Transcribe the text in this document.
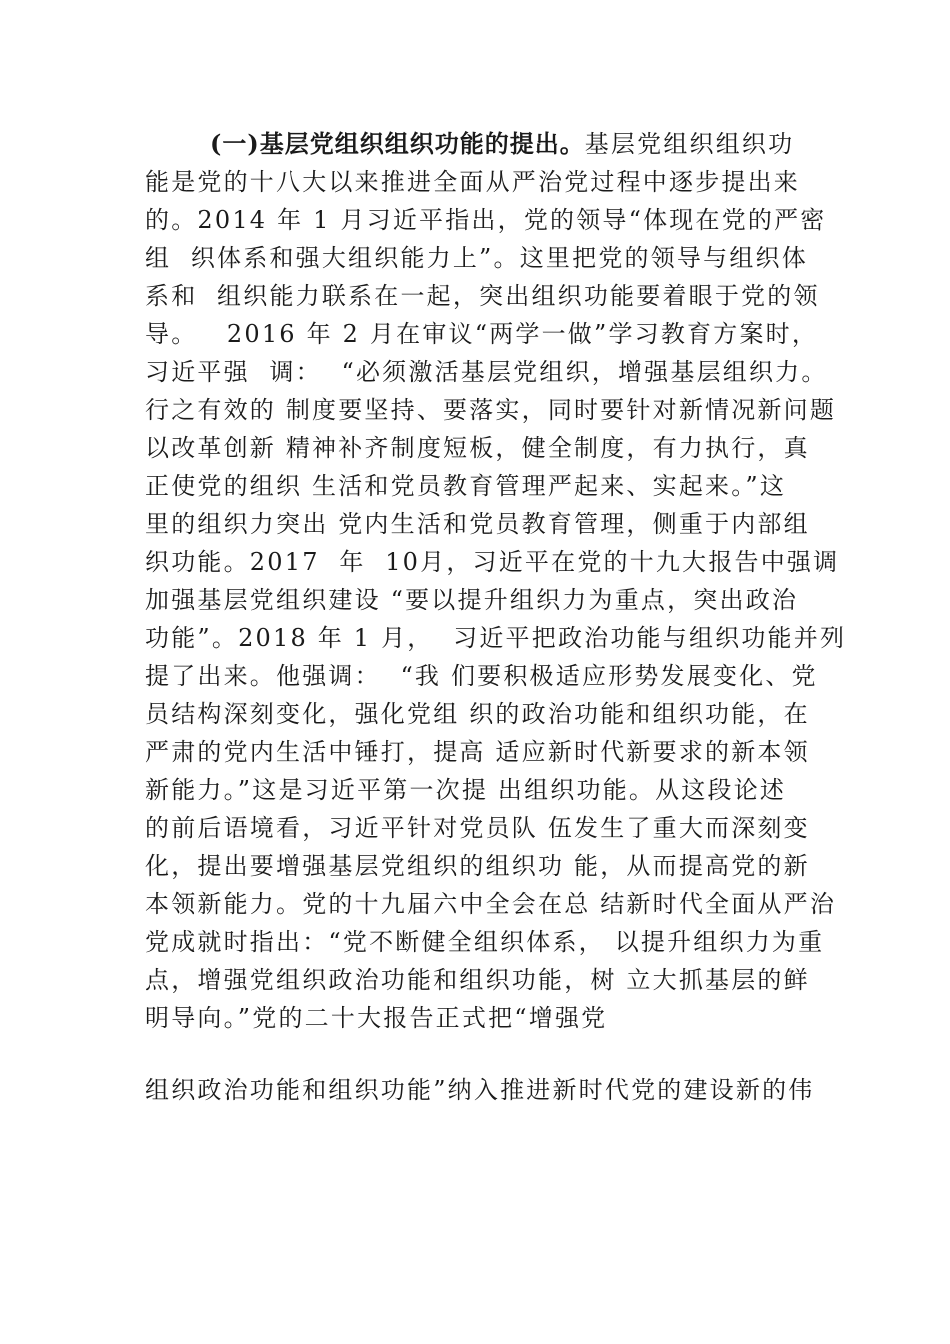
(一)基层党组织组织功能的提出。基层党组织组织功
能是党的十八大以来推进全面从严治党过程中逐步提出来
的。2014 年 1 月习近平指出，党的领导“体现在党的严密
组  织体系和强大组织能力上”。这里把党的领导与组织体
系和  组织能力联系在一起，突出组织功能要着眼于党的领
导。   2016 年 2 月在审议“两学一做”学习教育方案时，
习近平强  调：  “必须激活基层党组织，增强基层组织力。
行之有效的 制度要坚持、要落实，同时要针对新情况新问题
以改革创新 精神补齐制度短板，健全制度，有力执行，真
正使党的组织 生活和党员教育管理严起来、实起来。”这
里的组织力突出 党内生活和党员教育管理，侧重于内部组
织功能。2017  年  10月，习近平在党的十九大报告中强调
加强基层党组织建设 “要以提升组织力为重点，突出政治
功能”。2018 年 1 月，  习近平把政治功能与组织功能并列
提了出来。他强调：  “我 们要积极适应形势发展变化、党
员结构深刻变化，强化党组 织的政治功能和组织功能，在
严肃的党内生活中锤打，提高 适应新时代新要求的新本领
新能力。”这是习近平第一次提 出组织功能。从这段论述
的前后语境看，习近平针对党员队 伍发生了重大而深刻变
化，提出要增强基层党组织的组织功 能，从而提高党的新
本领新能力。党的十九届六中全会在总 结新时代全面从严治
党成就时指出：“党不断健全组织体系， 以提升组织力为重
点，增强党组织政治功能和组织功能，树 立大抓基层的鲜
明导向。”党的二十大报告正式把“增强党
组织政治功能和组织功能”纳入推进新时代党的建设新的伟
